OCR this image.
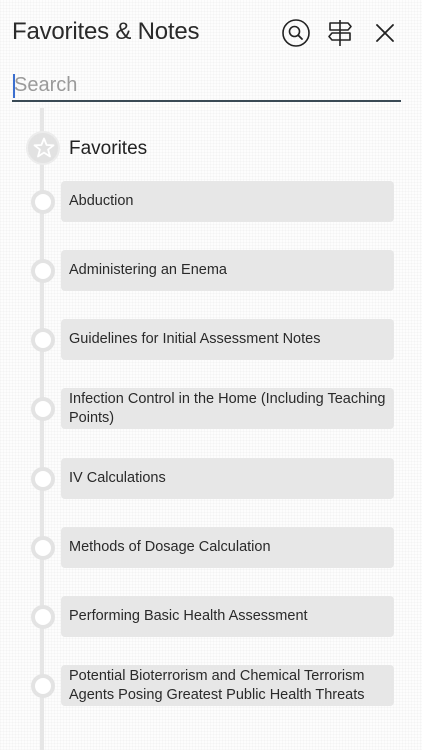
Favorites & Notes
Search
Favorites
Abduction
Administering an Enema
Guidelines for Initial Assessment Notes
Infection Control in the Home (Including Teaching Points)
IV Calculations
Methods of Dosage Calculation
Performing Basic Health Assessment
Potential Bioterrorism and Chemical Terrorism Agents Posing Greatest Public Health Threats
